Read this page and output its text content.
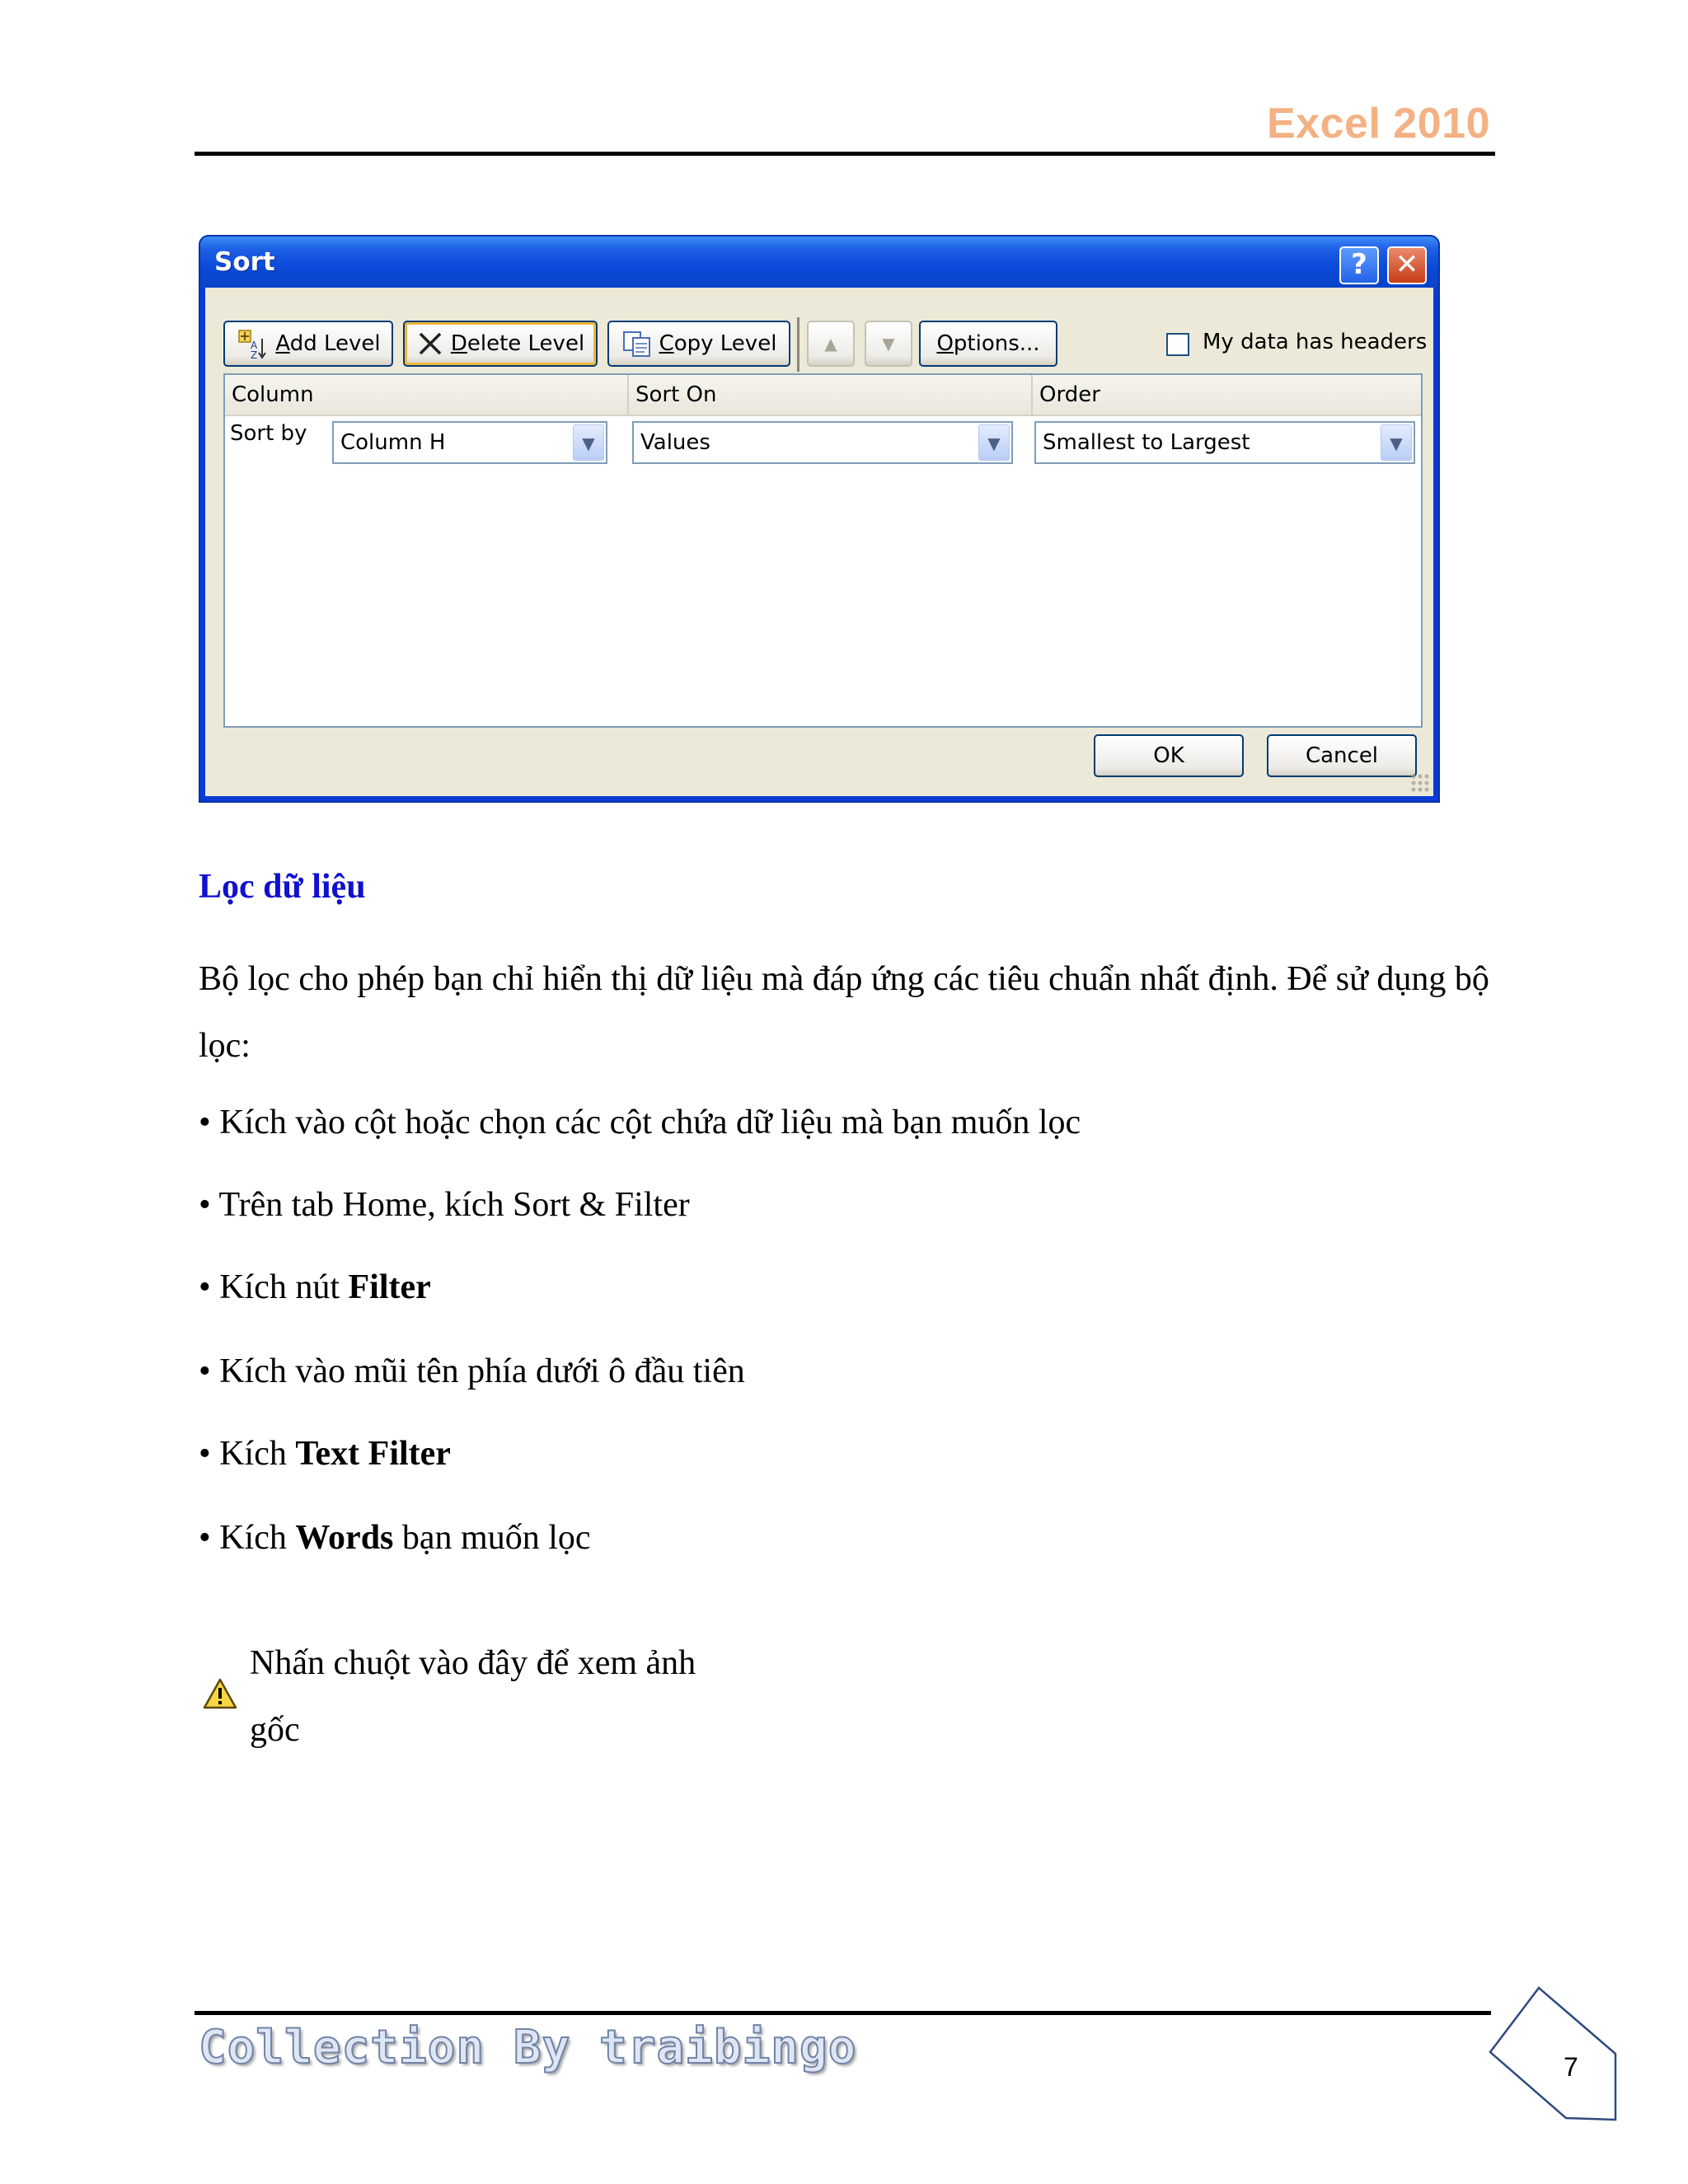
Excel 2010
Sort	? ✕
A
Z Add Level	Delete Level	Copy Level	▲	▼ Options...	My data has headers
Column	Sort On	Order
Sort by	Column H	▼	Values	▼	Smallest to Largest	▼
OK	Cancel
Lọc dữ liệu
Bộ lọc cho phép bạn chỉ hiển thị dữ liệu mà đáp ứng các tiêu chuẩn nhất định. Để sử dụng bộ lọc:
• Kích vào cột hoặc chọn các cột chứa dữ liệu mà bạn muốn lọc
• Trên tab Home, kích Sort & Filter
• Kích nút Filter
• Kích vào mũi tên phía dưới ô đầu tiên
• Kích Text Filter
• Kích Words bạn muốn lọc
Nhấn chuột vào đây để xem ảnh gốc
Collection By traibingo	7
